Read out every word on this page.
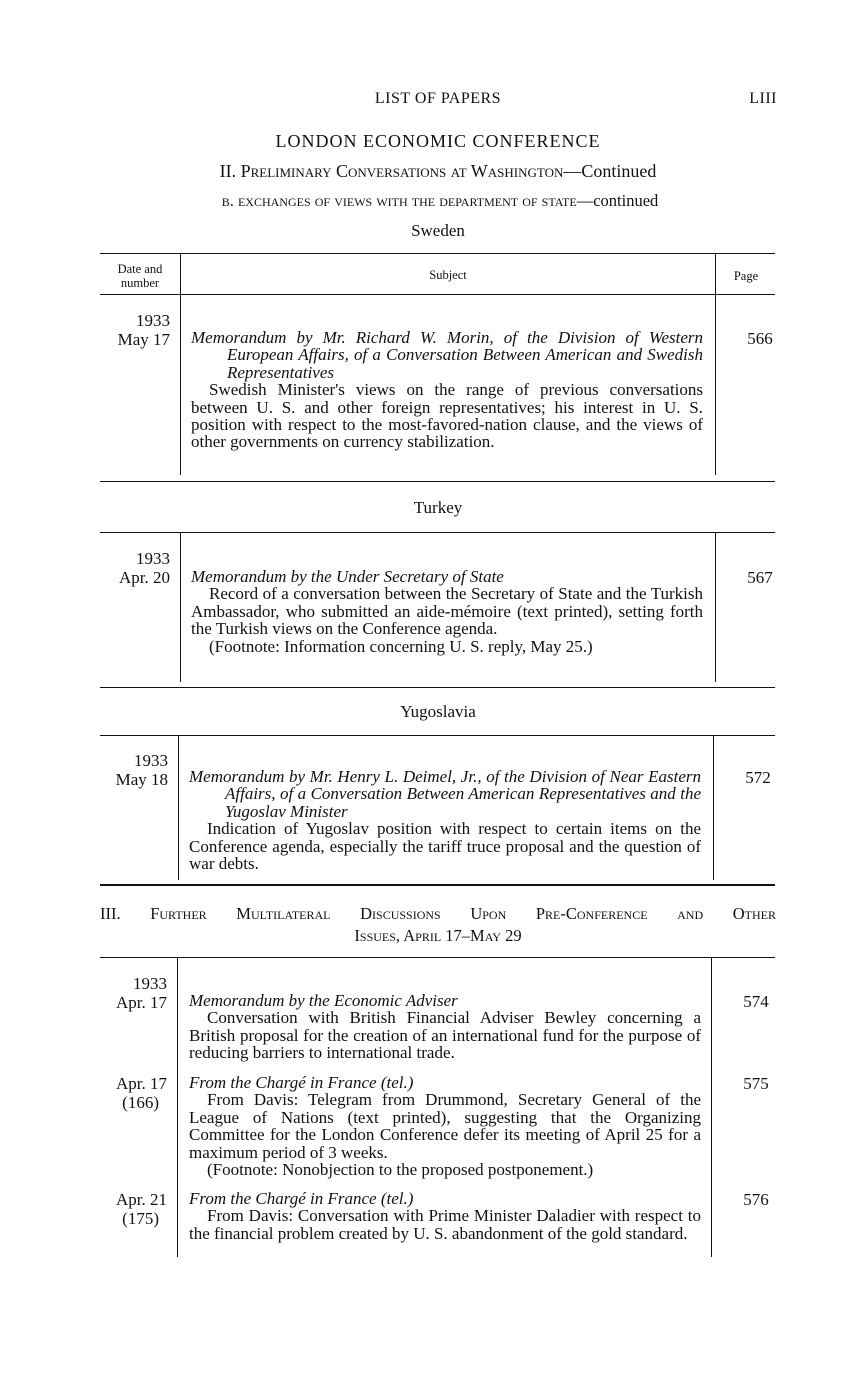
LIST OF PAPERS	LIII
LONDON ECONOMIC CONFERENCE
II. Preliminary Conversations at Washington—Continued
b. exchanges of views with the department of state—continued
Sweden
Date and
number
Subject	Page
1933
May 17 Memorandum by Mr. Richard W. Morin, of the Division of Western European Affairs, of a Conversation Between American and Swedish Representatives
Swedish Minister's views on the range of previous conversations between U. S. and other foreign representatives; his interest in U. S. position with respect to the most-favored-nation clause, and the views of other governments on currency stabilization.
566
Turkey
1933
Apr. 20 Memorandum by the Under Secretary of State
Record of a conversation between the Secretary of State and the Turkish Ambassador, who submitted an aide-mémoire (text printed), setting forth the Turkish views on the Conference agenda.
(Footnote: Information concerning U. S. reply, May 25.)
567
Yugoslavia
1933
May 18 Memorandum by Mr. Henry L. Deimel, Jr., of the Division of Near Eastern Affairs, of a Conversation Between American Representatives and the Yugoslav Minister
Indication of Yugoslav position with respect to certain items on the Conference agenda, especially the tariff truce proposal and the question of war debts.
572
III. Further Multilateral Discussions Upon Pre-Conference and Other
Issues, April 17–May 29
1933
Apr. 17 Memorandum by the Economic Adviser
Conversation with British Financial Adviser Bewley concerning a British proposal for the creation of an international fund for the purpose of reducing barriers to international trade.
574
Apr. 17
(166)
From the Chargé in France (tel.)
From Davis: Telegram from Drummond, Secretary General of the League of Nations (text printed), suggesting that the Organizing Committee for the London Conference defer its meeting of April 25 for a maximum period of 3 weeks.
(Footnote: Nonobjection to the proposed postponement.)
575
Apr. 21
(175)
From the Chargé in France (tel.)
From Davis: Conversation with Prime Minister Daladier with respect to the financial problem created by U. S. abandonment of the gold standard.
576
